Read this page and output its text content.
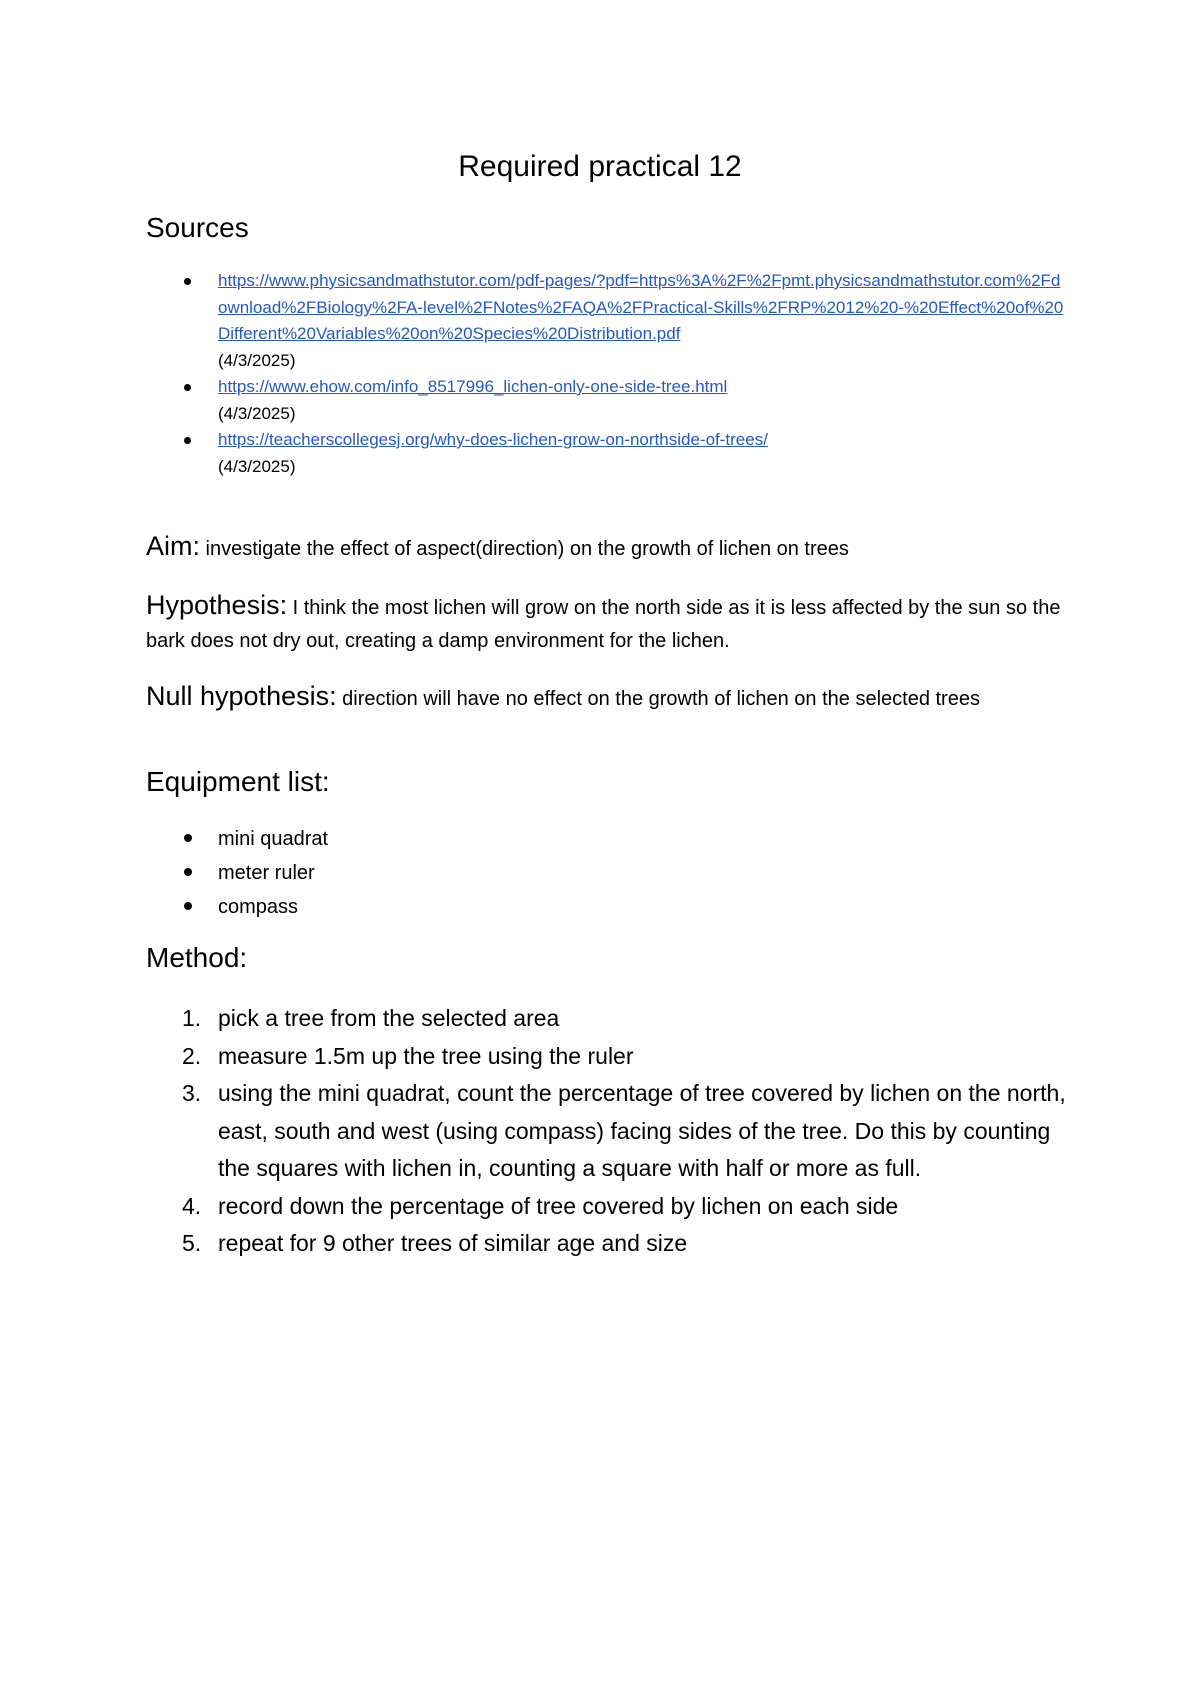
Required practical 12
Sources
https://www.physicsandmathstutor.com/pdf-pages/?pdf=https%3A%2F%2Fpmt.physicsandmathstutor.com%2Fdownload%2FBiology%2FA-level%2FNotes%2FAQA%2FPractical-Skills%2FRP%2012%20-%20Effect%20of%20Different%20Variables%20on%20Species%20Distribution.pdf
(4/3/2025)
https://www.ehow.com/info_8517996_lichen-only-one-side-tree.html
(4/3/2025)
https://teacherscollegesj.org/why-does-lichen-grow-on-northside-of-trees/
(4/3/2025)
Aim: investigate the effect of aspect(direction) on the growth of lichen on trees
Hypothesis: I think the most lichen will grow on the north side as it is less affected by the sun so the bark does not dry out, creating a damp environment for the lichen.
Null hypothesis: direction will have no effect on the growth of lichen on the selected trees
Equipment list:
mini quadrat
meter ruler
compass
Method:
1. pick a tree from the selected area
2. measure 1.5m up the tree using the ruler
3. using the mini quadrat, count the percentage of tree covered by lichen on the north, east, south and west (using compass) facing sides of the tree. Do this by counting the squares with lichen in, counting a square with half or more as full.
4. record down the percentage of tree covered by lichen on each side
5. repeat for 9 other trees of similar age and size
